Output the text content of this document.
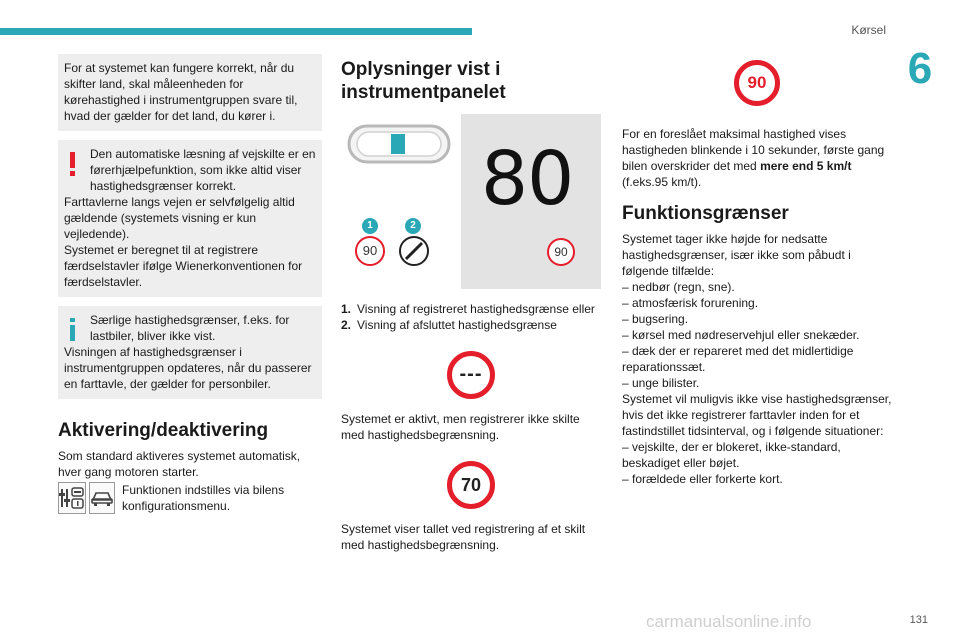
Kørsel
6
131
carmanualsonline.info

For at systemet kan fungere korrekt, når du skifter land, skal måleenheden for kørehastighed i instrumentgruppen svare til, hvad der gælder for det land, du kører i.

Den automatiske læsning af vejskilte er en førerhjælpefunktion, som ikke altid viser hastighedsgrænser korrekt.

Farttavlerne langs vejen er selvfølgelig altid gældende (systemets visning er kun vejledende).

Systemet er beregnet til at registrere færdselstavler ifølge Wienerkonventionen for færdselstavler.

Særlige hastighedsgrænser, f.eks. for lastbiler, bliver ikke vist.

Visningen af hastighedsgrænser i instrumentgruppen opdateres, når du passerer en farttavle, der gælder for personbiler.

Aktivering/deaktivering

Som standard aktiveres systemet automatisk, hver gang motoren starter.

Funktionen indstilles via bilens konfigurationsmenu.

Oplysninger vist i instrumentpanelet
1	2
90
80
90
1. Visning af registreret hastighedsgrænse eller
2. Visning af afsluttet hastighedsgrænse
---

Systemet er aktivt, men registrerer ikke skilte med hastighedsbegrænsning.

70

Systemet viser tallet ved registrering af et skilt med hastighedsbegrænsning.

90

For en foreslået maksimal hastighed vises hastigheden blinkende i 10 sekunder, første gang bilen overskrider det med mere end 5 km/t (f.eks.95 km/t).

Funktionsgrænser

Systemet tager ikke højde for nedsatte hastighedsgrænser, især ikke som påbudt i følgende tilfælde:

– nedbør (regn, sne).

– atmosfærisk forurening.

– bugsering.

– kørsel med nødreservehjul eller snekæder.

– dæk der er repareret med det midlertidige reparationssæt.

– unge bilister.

Systemet vil muligvis ikke vise hastighedsgrænser, hvis det ikke registrerer farttavler inden for et fastindstillet tidsinterval, og i følgende situationer:

– vejskilte, der er blokeret, ikke-standard, beskadiget eller bøjet.

– forældede eller forkerte kort.
